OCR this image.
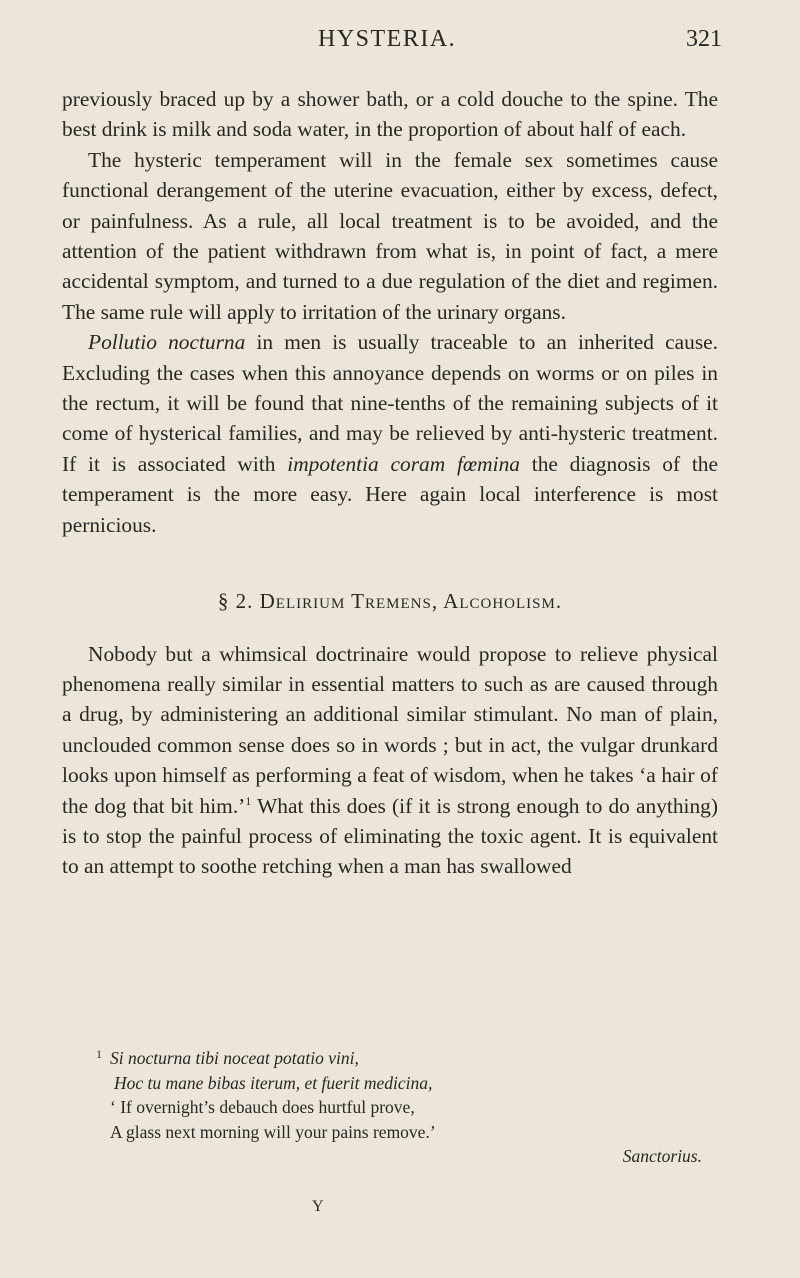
HYSTERIA.	321

previously braced up by a shower bath, or a cold douche to the spine. The best drink is milk and soda water, in the proportion of about half of each.

The hysteric temperament will in the female sex sometimes cause functional derangement of the uterine evacuation, either by excess, defect, or painfulness. As a rule, all local treatment is to be avoided, and the attention of the patient withdrawn from what is, in point of fact, a mere accidental symptom, and turned to a due regulation of the diet and regimen. The same rule will apply to irritation of the urinary organs.

Pollutio nocturna in men is usually traceable to an inherited cause. Excluding the cases when this annoyance depends on worms or on piles in the rectum, it will be found that nine-tenths of the remaining subjects of it come of hysterical families, and may be relieved by anti-hysteric treatment. If it is associated with impotentia coram fœmina the diagnosis of the temperament is the more easy. Here again local interference is most pernicious.

§ 2. Delirium Tremens, Alcoholism.

Nobody but a whimsical doctrinaire would propose to relieve physical phenomena really similar in essential matters to such as are caused through a drug, by administering an additional similar stimulant. No man of plain, unclouded common sense does so in words ; but in act, the vulgar drunkard looks upon himself as performing a feat of wisdom, when he takes ‘a hair of the dog that bit him.’$^1$ What this does (if it is strong enough to do anything) is to stop the painful process of eliminating the toxic agent. It is equivalent to an attempt to soothe retching when a man has swallowed

1 Si nocturna tibi noceat potatio vini,
Hoc tu mane bibas iterum, et fuerit medicina,
‘ If overnight’s debauch does hurtful prove,
A glass next morning will your pains remove.’
Sanctorius.
Y
